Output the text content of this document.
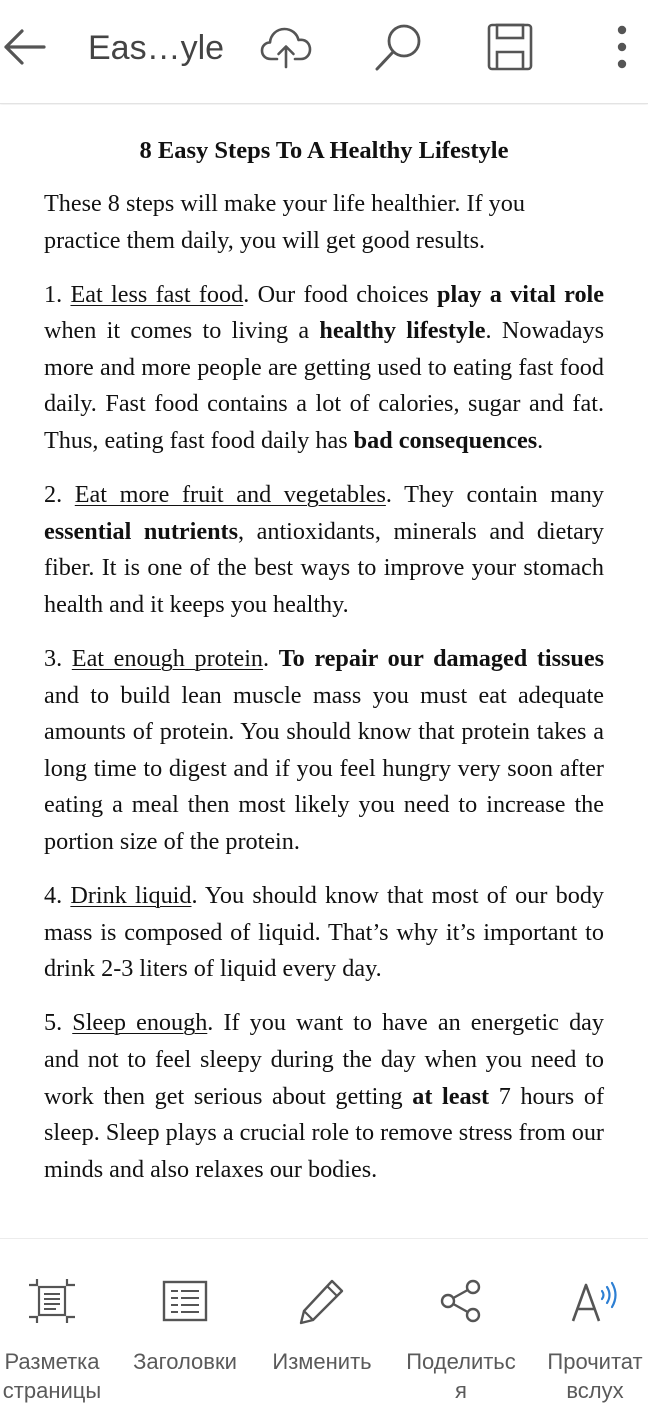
Eas…yle
8 Easy Steps To A Healthy Lifestyle

These 8 steps will make your life healthier. If you practice them daily, you will get good results.

1. Eat less fast food. Our food choices play a vital role when it comes to living a healthy lifestyle. Nowadays more and more people are getting used to eating fast food daily. Fast food contains a lot of calories, sugar and fat. Thus, eating fast food daily has bad consequences.

2. Eat more fruit and vegetables. They contain many essential nutrients, antioxidants, minerals and dietary fiber. It is one of the best ways to improve your stomach health and it keeps you healthy.

3. Eat enough protein. To repair our damaged tissues and to build lean muscle mass you must eat adequate amounts of protein. You should know that protein takes a long time to digest and if you feel hungry very soon after eating a meal then most likely you need to increase the portion size of the protein.

4. Drink liquid. You should know that most of our body mass is composed of liquid. That’s why it’s important to drink 2-3 liters of liquid every day.

5. Sleep enough. If you want to have an energetic day and not to feel sleepy during the day when you need to work then get serious about getting at least 7 hours of sleep. Sleep plays a crucial role to remove stress from our minds and also relaxes our bodies.

Разметка
страницы
Заголовки Изменить Поделитьс
я
Прочитат
вслух
